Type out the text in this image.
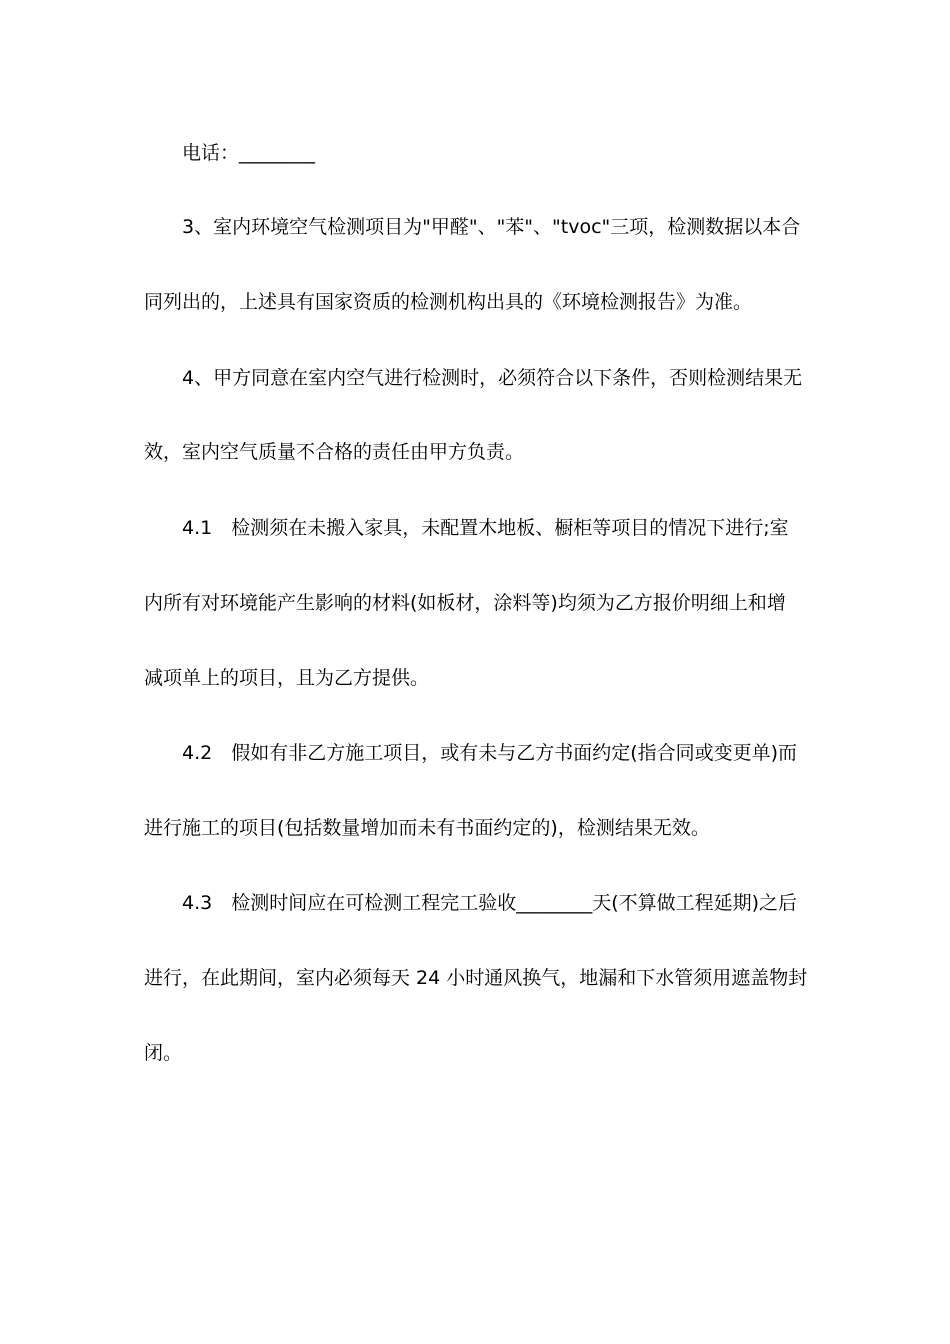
电话：________
3、室内环境空气检测项目为"甲醛"、"苯"、"tvoc"三项，检测数据以本合
同列出的，上述具有国家资质的检测机构出具的《环境检测报告》为准。
4、甲方同意在室内空气进行检测时，必须符合以下条件，否则检测结果无
效，室内空气质量不合格的责任由甲方负责。
4.1　检测须在未搬入家具，未配置木地板、橱柜等项目的情况下进行;室
内所有对环境能产生影响的材料(如板材，涂料等)均须为乙方报价明细上和增
减项单上的项目，且为乙方提供。
4.2　假如有非乙方施工项目，或有未与乙方书面约定(指合同或变更单)而
进行施工的项目(包括数量增加而未有书面约定的)，检测结果无效。
4.3　检测时间应在可检测工程完工验收________天(不算做工程延期)之后
进行，在此期间，室内必须每天 24 小时通风换气，地漏和下水管须用遮盖物封
闭。
